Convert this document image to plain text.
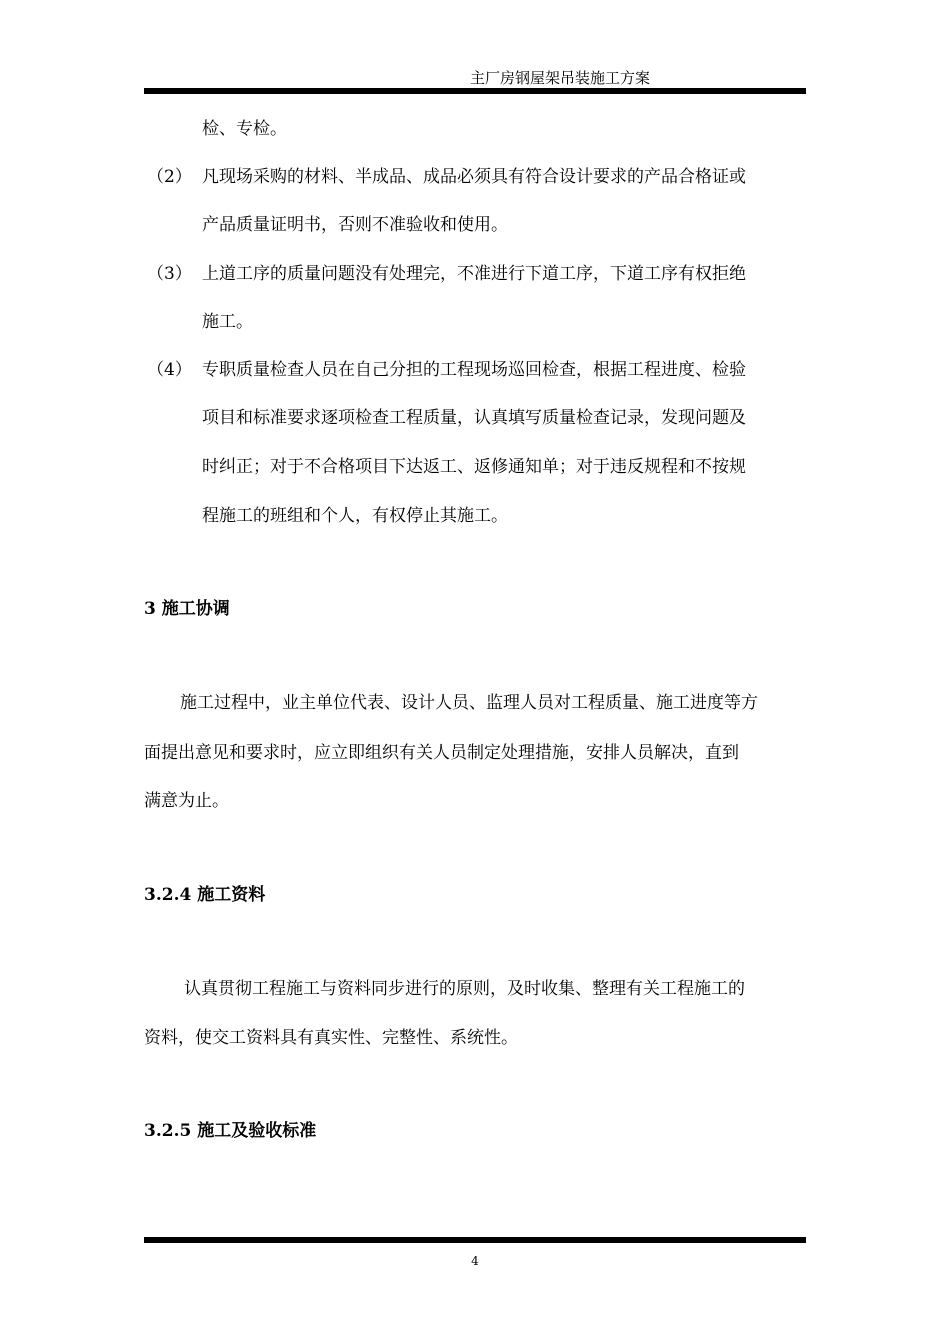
主厂房钢屋架吊装施工方案
检、专检。
（2） 凡现场采购的材料、半成品、成品必须具有符合设计要求的产品合格证或
产品质量证明书，否则不准验收和使用。
（3） 上道工序的质量问题没有处理完，不准进行下道工序，下道工序有权拒绝
施工。
（4） 专职质量检查人员在自己分担的工程现场巡回检查，根据工程进度、检验
项目和标准要求逐项检查工程质量，认真填写质量检查记录，发现问题及
时纠正；对于不合格项目下达返工、返修通知单；对于违反规程和不按规
程施工的班组和个人，有权停止其施工。
3 施工协调
施工过程中，业主单位代表、设计人员、监理人员对工程质量、施工进度等方
面提出意见和要求时，应立即组织有关人员制定处理措施，安排人员解决，直到
满意为止。
3.2.4 施工资料
认真贯彻工程施工与资料同步进行的原则，及时收集、整理有关工程施工的
资料，使交工资料具有真实性、完整性、系统性。
3.2.5 施工及验收标准
4
